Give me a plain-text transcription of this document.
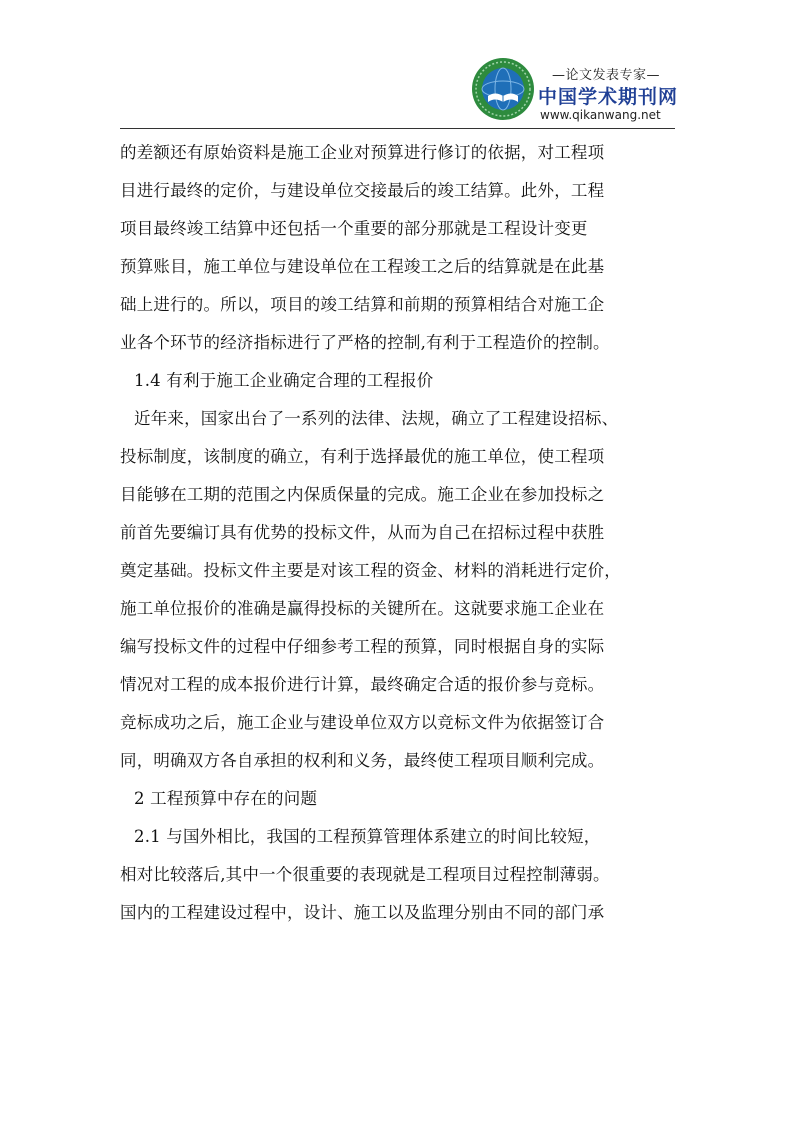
—论文发表专家—
中国学术期刊网
www.qikanwang.net
的差额还有原始资料是施工企业对预算进行修订的依据，对工程项
目进行最终的定价，与建设单位交接最后的竣工结算。此外，工程
项目最终竣工结算中还包括一个重要的部分那就是工程设计变更
预算账目，施工单位与建设单位在工程竣工之后的结算就是在此基
础上进行的。所以，项目的竣工结算和前期的预算相结合对施工企
业各个环节的经济指标进行了严格的控制,有利于工程造价的控制。
1.4 有利于施工企业确定合理的工程报价
近年来，国家出台了一系列的法律、法规，确立了工程建设招标、
投标制度，该制度的确立，有利于选择最优的施工单位，使工程项
目能够在工期的范围之内保质保量的完成。施工企业在参加投标之
前首先要编订具有优势的投标文件，从而为自己在招标过程中获胜
奠定基础。投标文件主要是对该工程的资金、材料的消耗进行定价，
施工单位报价的准确是赢得投标的关键所在。这就要求施工企业在
编写投标文件的过程中仔细参考工程的预算，同时根据自身的实际
情况对工程的成本报价进行计算，最终确定合适的报价参与竞标。
竞标成功之后，施工企业与建设单位双方以竞标文件为依据签订合
同，明确双方各自承担的权利和义务，最终使工程项目顺利完成。
2 工程预算中存在的问题
2.1 与国外相比，我国的工程预算管理体系建立的时间比较短，
相对比较落后,其中一个很重要的表现就是工程项目过程控制薄弱。
国内的工程建设过程中，设计、施工以及监理分别由不同的部门承
